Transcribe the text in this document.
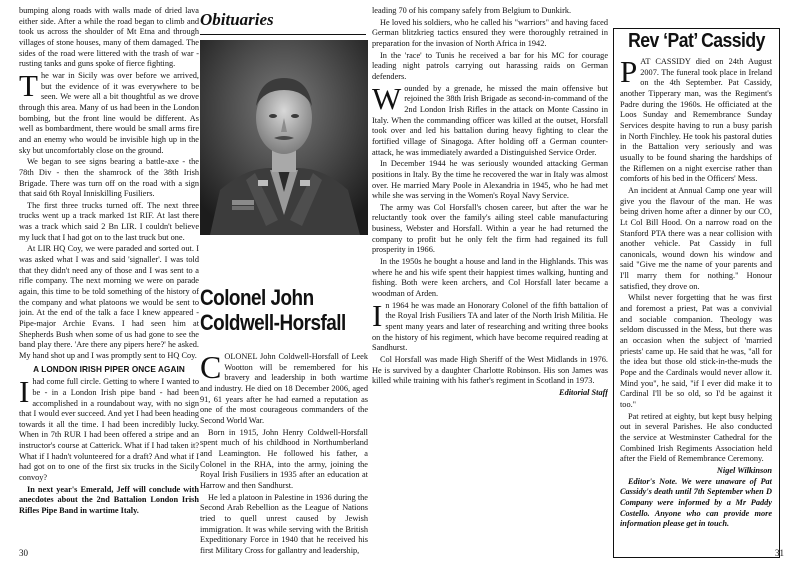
bumping along roads with walls made of dried lava either side. After a while the road began to climb and took us across the shoulder of Mt Etna and through villages of stone houses, many of them damaged. The sides of the road were littered with the trash of war - rusting tanks and guns spoke of fierce fighting.

The war in Sicily was over before we arrived, but the evidence of it was everywhere to be seen. We were all a bit thoughtful as we drove through this area. Many of us had been in the London bombing, but the front line would be different. As well as bombardment, there would be small arms fire and an enemy who would be invisible high up in the sky but uncomfortably close on the ground.

We began to see signs bearing a battle-axe - the 78th Div - then the shamrock of the 38th Irish Brigade. There was turn off on the road with a sign that said 6th Royal Inniskilling Fusiliers.

The first three trucks turned off. The next three trucks went up a track marked 1st RIF. At last there was a track which said 2 Bn LIR. I couldn't believe my luck that I had got on to the last truck but one.

At LIR HQ Coy, we were paraded and sorted out. I was asked what I was and said 'signaller'. I was told that they didn't need any of those and I was sent to a rifle company. The next morning we were on parade again, this time to be told something of the history of the company and what platoons we would be sent to join. At the end of the talk a face I knew appeared - Pipe-major Archie Evans. I had seen him at Shepherds Bush when some of us had gone to see the band play there. 'Are there any pipers here?' he asked. My hand shot up and I was promptly sent to HQ Coy.

A LONDON IRISH PIPER ONCE AGAIN

Ihad come full circle. Getting to where I wanted to be - in a London Irish pipe band - had been accomplished in a roundabout way, with no sign that I would ever succeed. And yet I had been heading towards it all the time. I had been incredibly lucky. When in 7th RUR I had been offered a stripe and an instructor's course at Catterick. What if I had taken it? What if I hadn't volunteered for a draft? And what if I had got on to one of the first six trucks in the Sicily convoy?

In next year's Emerald, Jeff will conclude with anecdotes about the 2nd Battalion London Irish Rifles Pipe Band in wartime Italy.

Obituaries
Colonel John Coldwell-Horsfall

COLONEL John Coldwell-Horsfall of Leek Wootton will be remembered for his bravery and leadership in both wartime and industry. He died on 18 December 2006, aged 91, 61 years after he had earned a reputation as one of the most courageous commanders of the Second World War.

Born in 1915, John Henry Coldwell-Horsfall spent much of his childhood in Northumberland and Leamington. He followed his father, a Colonel in the RHA, into the army, joining the Royal Irish Fusiliers in 1935 after an education at Harrow and then Sandhurst.

He led a platoon in Palestine in 1936 during the Second Arab Rebellion as the League of Nations tried to quell unrest caused by Jewish immigration. It was while serving with the British Expeditionary Force in 1940 that he received his first Military Cross for gallantry and leadership,

leading 70 of his company safely from Belgium to Dunkirk.

He loved his soldiers, who he called his "warriors" and having faced German blitzkrieg tactics ensured they were thoroughly retrained in preparation for the invasion of North Africa in 1942.

In the 'race' to Tunis he received a bar for his MC for courage leading night patrols carrying out harassing raids on German defenders.

Wounded by a grenade, he missed the main offensive but rejoined the 38th Irish Brigade as second-in-command of the 2nd London Irish Rifles in the attack on Monte Cassino in Italy. When the commanding officer was killed at the outset, Horsfall took over and led his battalion during heavy fighting to clear the fortified village of Sinagoga. After holding off a German counter-attack, he was immediately awarded a Distinguished Service Order.

In December 1944 he was seriously wounded attacking German positions in Italy. By the time he recovered the war in Italy was almost over. He married Mary Poole in Alexandria in 1945, who he had met while she was serving in the Women's Royal Navy Service.

The army was Col Horsfall's chosen career, but after the war he reluctantly took over the family's ailing steel cable manufacturing business, Webster and Horsfall. Within a year he had returned the company to profit but he only felt the firm had regained its full prosperity in 1966.

In the 1950s he bought a house and land in the Highlands. This was where he and his wife spent their happiest times walking, hunting and fishing. Both were keen archers, and Col Horsfall later became a woodman of Arden.

In 1964 he was made an Honorary Colonel of the fifth battalion of the Royal Irish Fusiliers TA and later of the North Irish Militia. He spent many years and later of researching and writing three books on the history of his regiment, which have become required reading at Sandhurst.

Col Horsfall was made High Sheriff of the West Midlands in 1976. He is survived by a daughter Charlotte Robinson. His son James was killed while training with his father's regiment in Scotland in 1973.

Editorial Staff
Rev ‘Pat’ Cassidy

PAT CASSIDY died on 24th August 2007. The funeral took place in Ireland on the 4th September. Pat Cassidy, another Tipperary man, was the Regiment's Padre during the 1960s. He officiated at the Loos Sunday and Remembrance Sunday Services despite having to run a busy parish in North Finchley. He took his pastoral duties in the Battalion very seriously and was usually to be found sharing the hardships of the Riflemen on a night exercise rather than comforts of his bed in the Officers' Mess.

An incident at Annual Camp one year will give you the flavour of the man. He was being driven home after a dinner by our CO, Lt Col Bill Hood. On a narrow road on the Stanford PTA there was a near collision with another vehicle. Pat Cassidy in full canonicals, wound down his window and said "Give me the name of your parents and I'll marry them for nothing." Honour satisfied, they drove on.

Whilst never forgetting that he was first and foremost a priest, Pat was a convivial and sociable companion. Theology was seldom discussed in the Mess, but there was an occasion when the subject of 'married priests' came up. He said that he was, "all for the idea but those old stick-in-the-muds the Pope and the Cardinals would never allow it. Mind you", he said, "if I ever did make it to Cardinal I'll be so old, so I'd be against it too."

Pat retired at eighty, but kept busy helping out in several Parishes. He also conducted the service at Westminster Cathedral for the Combined Irish Regiments Association held after the Field of Remembrance Ceremony.

Nigel Wilkinson

Editor's Note. We were unaware of Pat Cassidy's death until 7th September when D Company were informed by a Mr Paddy Costello. Anyone who can provide more information please get in touch.

30	31
